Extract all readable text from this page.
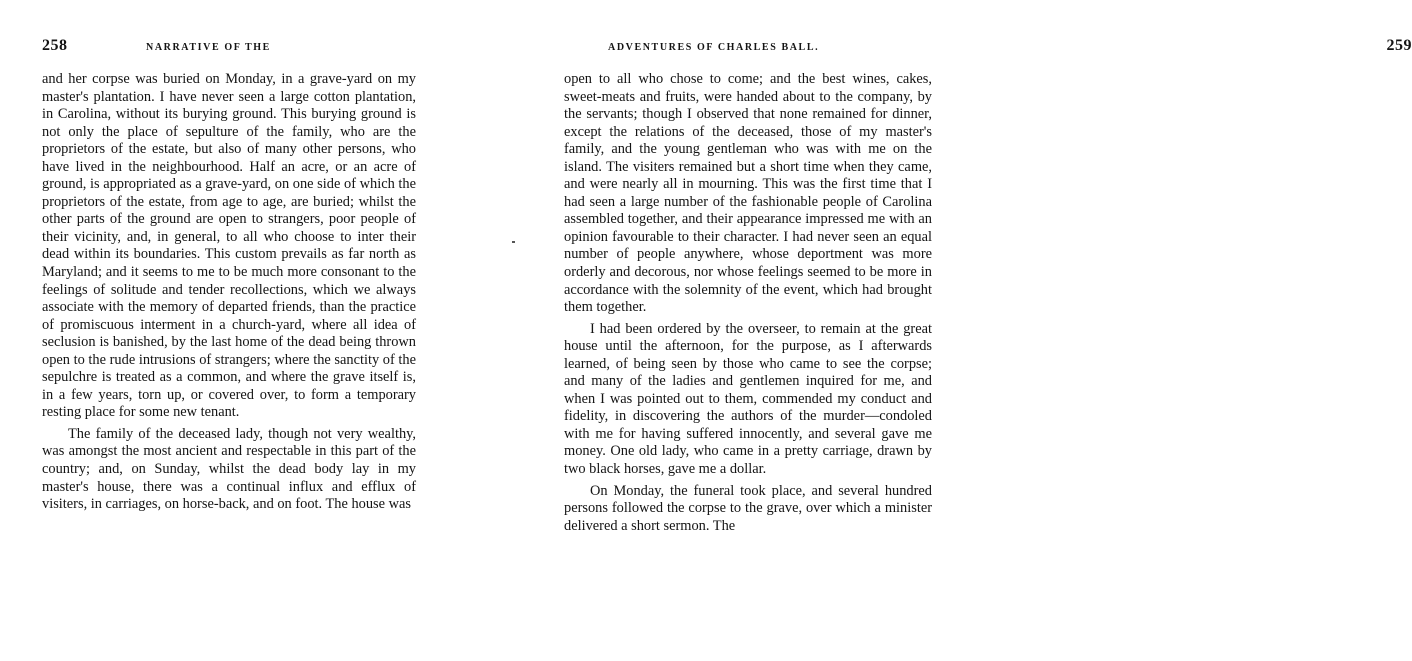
258	NARRATIVE OF THE

and her corpse was buried on Monday, in a grave-yard on my master's plantation. I have never seen a large cotton plantation, in Carolina, without its burying ground. This burying ground is not only the place of sepulture of the family, who are the proprietors of the estate, but also of many other persons, who have lived in the neighbourhood. Half an acre, or an acre of ground, is appropriated as a grave-yard, on one side of which the proprietors of the estate, from age to age, are buried; whilst the other parts of the ground are open to strangers, poor people of their vicinity, and, in general, to all who choose to inter their dead within its boundaries. This custom prevails as far north as Maryland; and it seems to me to be much more consonant to the feelings of solitude and tender recollections, which we always associate with the memory of departed friends, than the practice of promiscuous interment in a church-yard, where all idea of seclusion is banished, by the last home of the dead being thrown open to the rude intrusions of strangers; where the sanctity of the sepulchre is treated as a common, and where the grave itself is, in a few years, torn up, or covered over, to form a temporary resting place for some new tenant.

The family of the deceased lady, though not very wealthy, was amongst the most ancient and respectable in this part of the country; and, on Sunday, whilst the dead body lay in my master's house, there was a continual influx and efflux of visiters, in carriages, on horse-back, and on foot. The house was

ADVENTURES OF CHARLES BALL.	259

open to all who chose to come; and the best wines, cakes, sweet-meats and fruits, were handed about to the company, by the servants; though I observed that none remained for dinner, except the relations of the deceased, those of my master's family, and the young gentleman who was with me on the island. The visiters remained but a short time when they came, and were nearly all in mourning. This was the first time that I had seen a large number of the fashionable people of Carolina assembled together, and their appearance impressed me with an opinion favourable to their character. I had never seen an equal number of people anywhere, whose deportment was more orderly and decorous, nor whose feelings seemed to be more in accordance with the solemnity of the event, which had brought them together.

I had been ordered by the overseer, to remain at the great house until the afternoon, for the purpose, as I afterwards learned, of being seen by those who came to see the corpse; and many of the ladies and gentlemen inquired for me, and when I was pointed out to them, commended my conduct and fidelity, in discovering the authors of the murder—condoled with me for having suffered innocently, and several gave me money. One old lady, who came in a pretty carriage, drawn by two black horses, gave me a dollar.

On Monday, the funeral took place, and several hundred persons followed the corpse to the grave, over which a minister delivered a short sermon. The
